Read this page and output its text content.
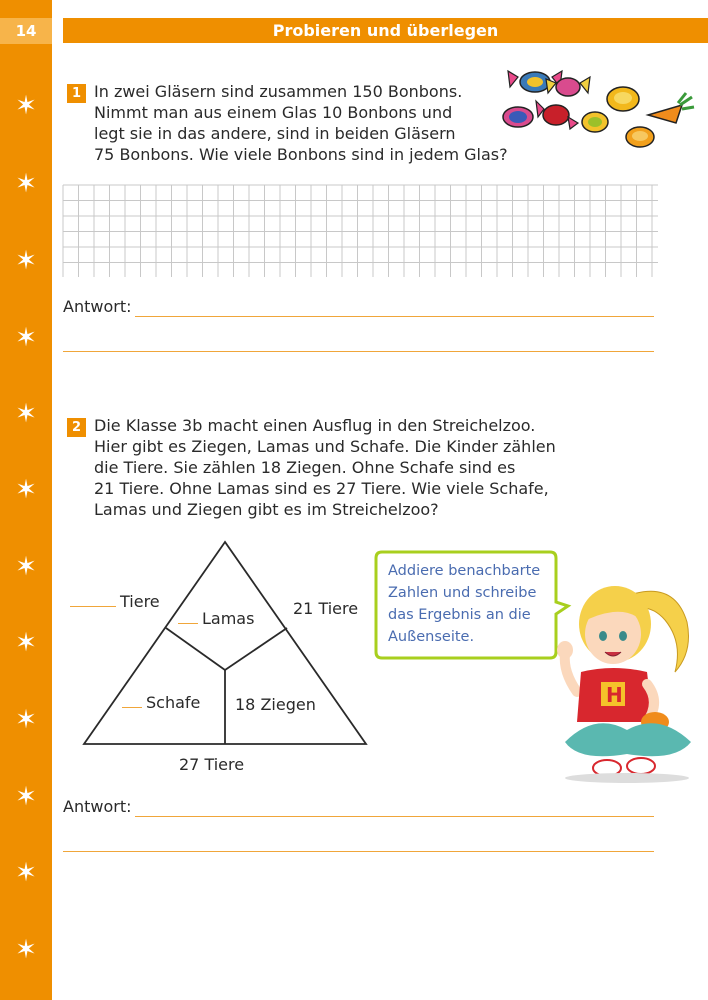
14
✶
✶
✶
✶
✶
✶
✶
✶
✶
✶
✶
✶
Probieren und überlegen
1 In zwei Gläsern sind zusammen 150 Bonbons.
Nimmt man aus einem Glas 10 Bonbons und
legt sie in das andere, sind in beiden Gläsern
75 Bonbons. Wie viele Bonbons sind in jedem Glas?
Antwort:
2 Die Klasse 3b macht einen Ausflug in den Streichelzoo.
Hier gibt es Ziegen, Lamas und Schafe. Die Kinder zählen
die Tiere. Sie zählen 18 Ziegen. Ohne Schafe sind es
21 Tiere. Ohne Lamas sind es 27 Tiere. Wie viele Schafe,
Lamas und Ziegen gibt es im Streichelzoo?
Tiere	21 Tiere
Lamas
Schafe 18 Ziegen
27 Tiere
Addiere benachbarte
Zahlen und schreibe
das Ergebnis an die
Außenseite.
H
Antwort:
